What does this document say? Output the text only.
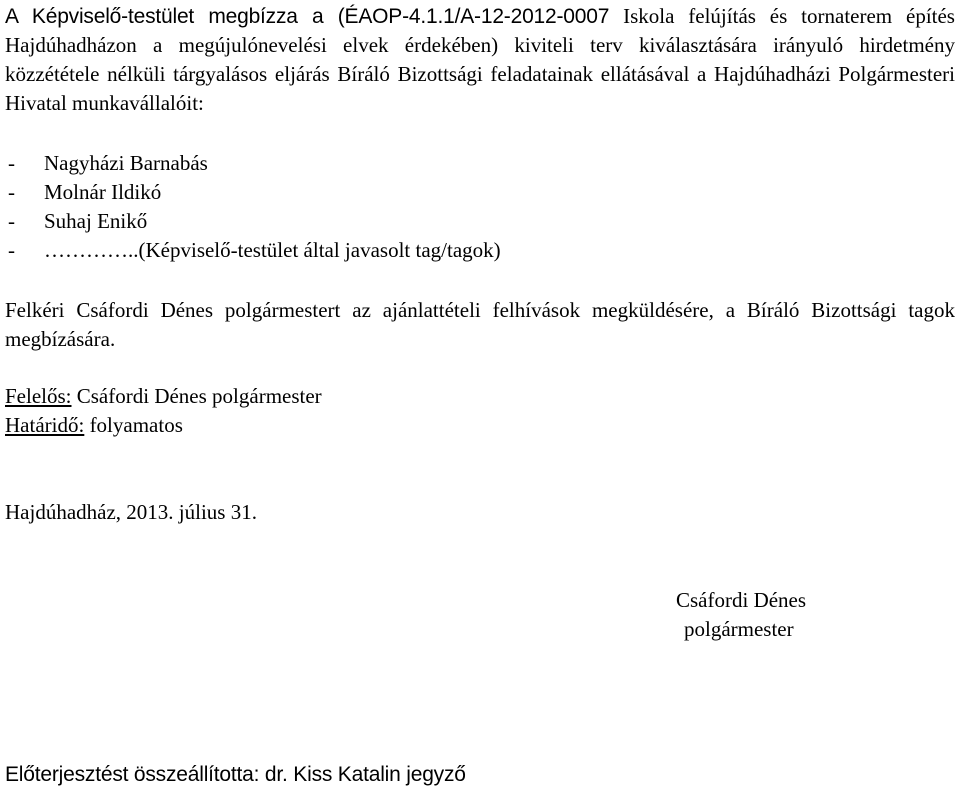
A Képviselő-testület megbízza a (ÉAOP-4.1.1/A-12-2012-0007 Iskola felújítás és tornaterem építés Hajdúhadházon a megújulónevelési elvek érdekében) kiviteli terv kiválasztására irányuló hirdetmény közzététele nélküli tárgyalásos eljárás Bíráló Bizottsági feladatainak ellátásával a Hajdúhadházi Polgármesteri Hivatal munkavállalóit:

- Nagyházi Barnabás
- Molnár Ildikó
- Suhaj Enikő
- …………..(Képviselő-testület által javasolt tag/tagok)

Felkéri Csáfordi Dénes polgármestert az ajánlattételi felhívások megküldésére, a Bíráló Bizottsági tagok megbízására.

Felelős: Csáfordi Dénes polgármester
Határidő: folyamatos
Hajdúhadház, 2013. július 31.
Csáfordi Dénes
polgármester
Előterjesztést összeállította: dr. Kiss Katalin jegyző
